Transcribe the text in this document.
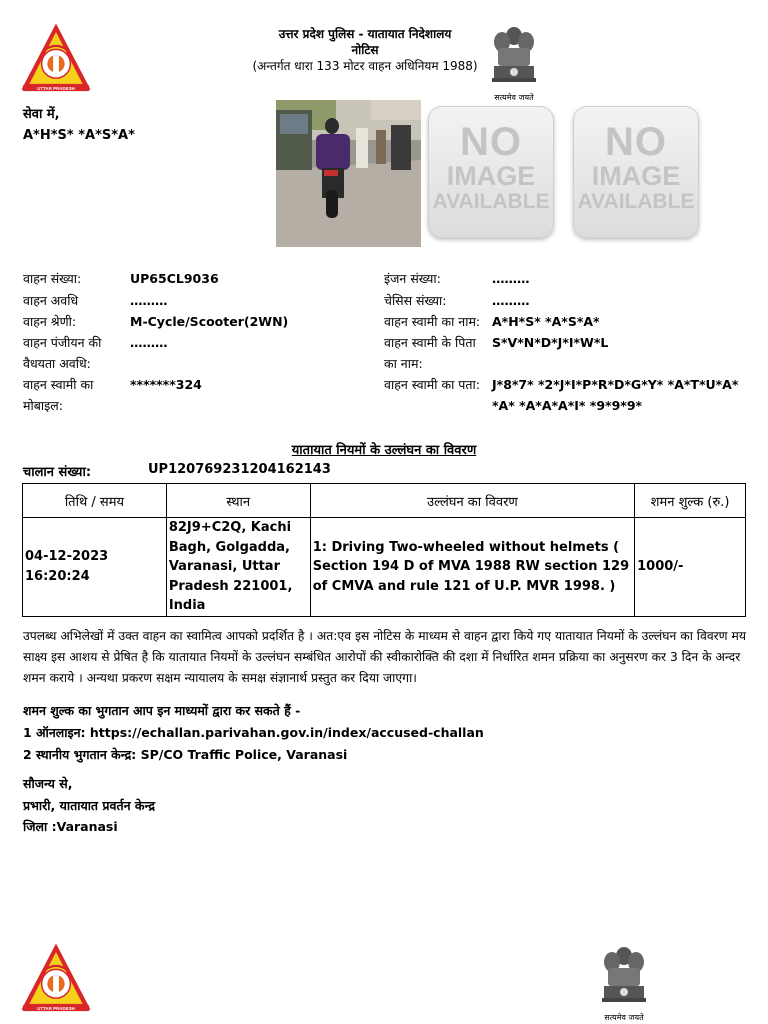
UTTAR PRADESH
उत्तर प्रदेश पुलिस - यातायात निदेशालय
नोटिस
(अन्तर्गत धारा 133 मोटर वाहन अधिनियम 1988)
सत्यमेव जयते
सेवा में,
A*H*S* *A*S*A*	NO
IMAGE
AVAILABLE
NO
IMAGE
AVAILABLE
वाहन संख्या:	UP65CL9036
वाहन अवधि	………
वाहन श्रेणी:	M-Cycle/Scooter(2WN)
वाहन पंजीयन की
वैधयता अवधि:
………
वाहन स्वामी का
मोबाइल:
*******324
इंजन संख्या:	………
चेसिस संख्या:	………
वाहन स्वामी का नाम: A*H*S* *A*S*A*
वाहन स्वामी के पिता
का नाम:
S*V*N*D*J*I*W*L
वाहन स्वामी का पता: J*8*7* *2*J*I*P*R*D*G*Y* *A*T*U*A*
*A* *A*A*A*I* *9*9*9*
यातायात नियमों के उल्लंघन का विवरण
चालान संख्या:	UP120769231204162143
तिथि / समय	स्थान	उल्लंघन का विवरण	शमन शुल्क (रु.)

04-12-2023
16:20:24	82J9+C2Q, Kachi Bagh, Golgadda, Varanasi, Uttar Pradesh 221001, India	1: Driving Two-wheeled without helmets ( Section 194 D of MVA 1988 RW section 129 of CMVA and rule 121 of U.P. MVR 1998. )	1000/-
उपलब्ध अभिलेखों में उक्त वाहन का स्वामित्व आपको प्रदर्शित है । अत:एव इस नोटिस के माध्यम से वाहन द्वारा किये गए यातायात नियमों के उल्लंघन का विवरण मय साक्ष्य इस आशय से प्रेषित है कि यातायात नियमों के उल्लंघन सम्बंधित आरोपों की स्वीकारोक्ति की दशा में निर्धारित शमन प्रक्रिया का अनुसरण कर 3 दिन के अन्दर शमन कराये । अन्यथा प्रकरण सक्षम न्यायालय के समक्ष संज्ञानार्थ प्रस्तुत कर दिया जाएगा।
शमन शुल्क का भुगतान आप इन माध्यमों द्वारा कर सकते हैं -
1 ऑनलाइन: https://echallan.parivahan.gov.in/index/accused-challan
2 स्थानीय भुगतान केन्द्र: SP/CO Traffic Police, Varanasi
सौजन्य से,
प्रभारी, यातायात प्रवर्तन केन्द्र
जिला :Varanasi
UTTAR PRADESH
सत्यमेव जयते
